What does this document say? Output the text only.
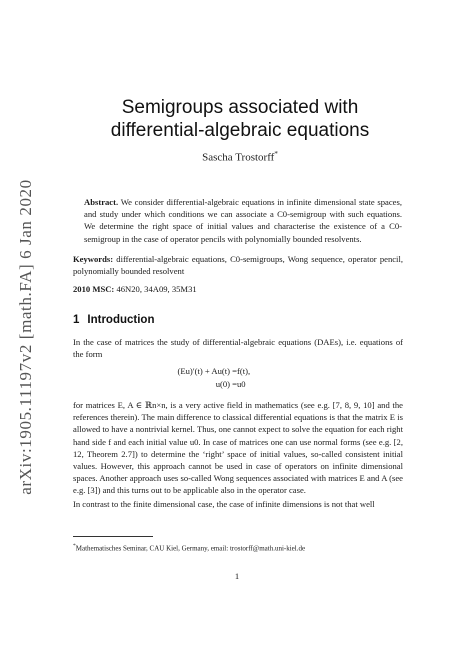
arXiv:1905.11197v2 [math.FA] 6 Jan 2020
Semigroups associated with
differential-algebraic equations
Sascha Trostorff*
Abstract. We consider differential-algebraic equations in infinite dimensional state spaces, and study under which conditions we can associate a C0-semigroup with such equations. We determine the right space of initial values and characterise the existence of a C0-semigroup in the case of operator pencils with polynomially bounded resolvents.
Keywords: differential-algebraic equations, C0-semigroups, Wong sequence, operator pencil, polynomially bounded resolvent
2010 MSC: 46N20, 34A09, 35M31
1 Introduction
In the case of matrices the study of differential-algebraic equations (DAEs), i.e. equations of the form
(Eu)′(t) + Au(t) = f(t),
u(0) = u0
for matrices E, A ∈ ℝn×n, is a very active field in mathematics (see e.g. [7, 8, 9, 10] and the references therein). The main difference to classical differential equations is that the matrix E is allowed to have a nontrivial kernel. Thus, one cannot expect to solve the equation for each right hand side f and each initial value u0. In case of matrices one can use normal forms (see e.g. [2, 12, Theorem 2.7]) to determine the ‘right’ space of initial values, so-called consistent initial values. However, this approach cannot be used in case of operators on infinite dimensional spaces. Another approach uses so-called Wong sequences associated with matrices E and A (see e.g. [3]) and this turns out to be applicable also in the operator case.
In contrast to the finite dimensional case, the case of infinite dimensions is not that well
*Mathematisches Seminar, CAU Kiel, Germany, email: trostorff@math.uni-kiel.de
1
